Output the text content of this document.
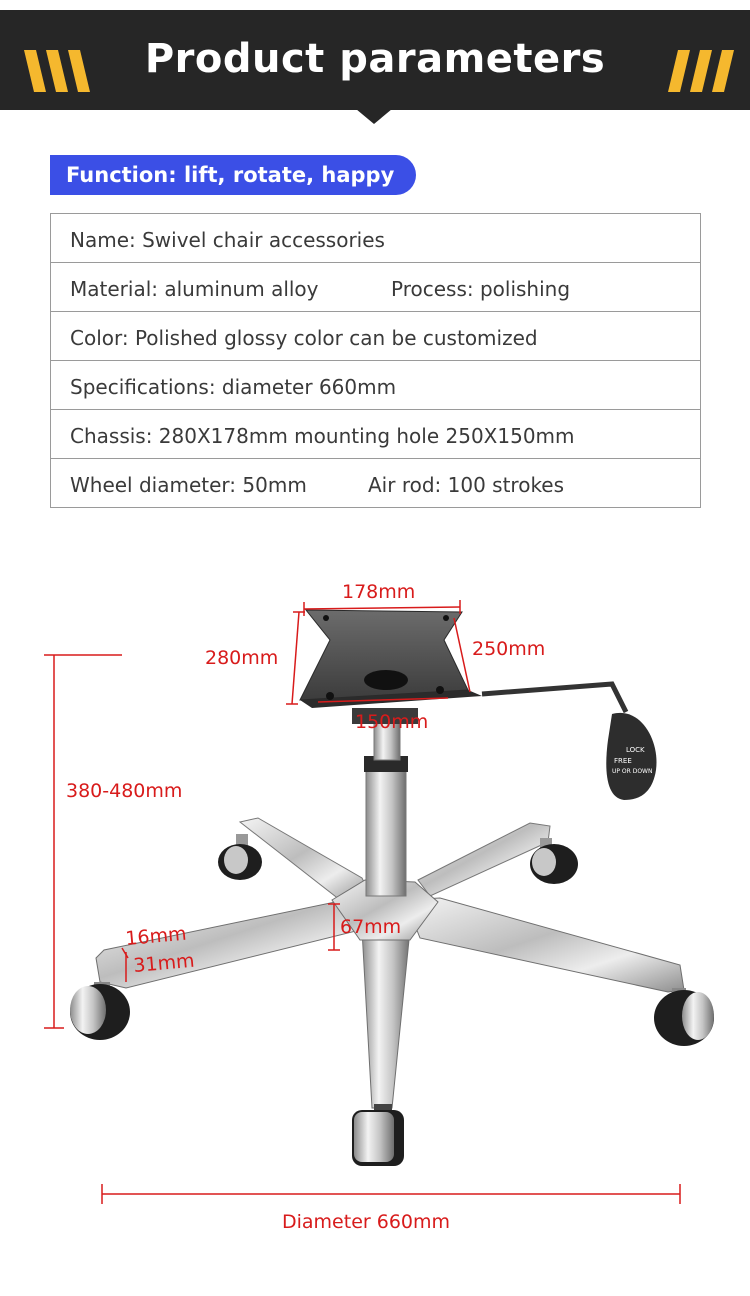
Product parameters
Function: lift, rotate, happy
Name: Swivel chair accessories
Material: aluminum alloy	Process: polishing
Color: Polished glossy color can be customized
Specifications: diameter 660mm
Chassis: 280X178mm mounting hole 250X150mm
Wheel diameter: 50mm	Air rod: 100 strokes
LOCK
FREE
UP OR DOWN
178mm
280mm	250mm
150mm
380-480mm
16mm
31mm
67mm
Diameter 660mm
